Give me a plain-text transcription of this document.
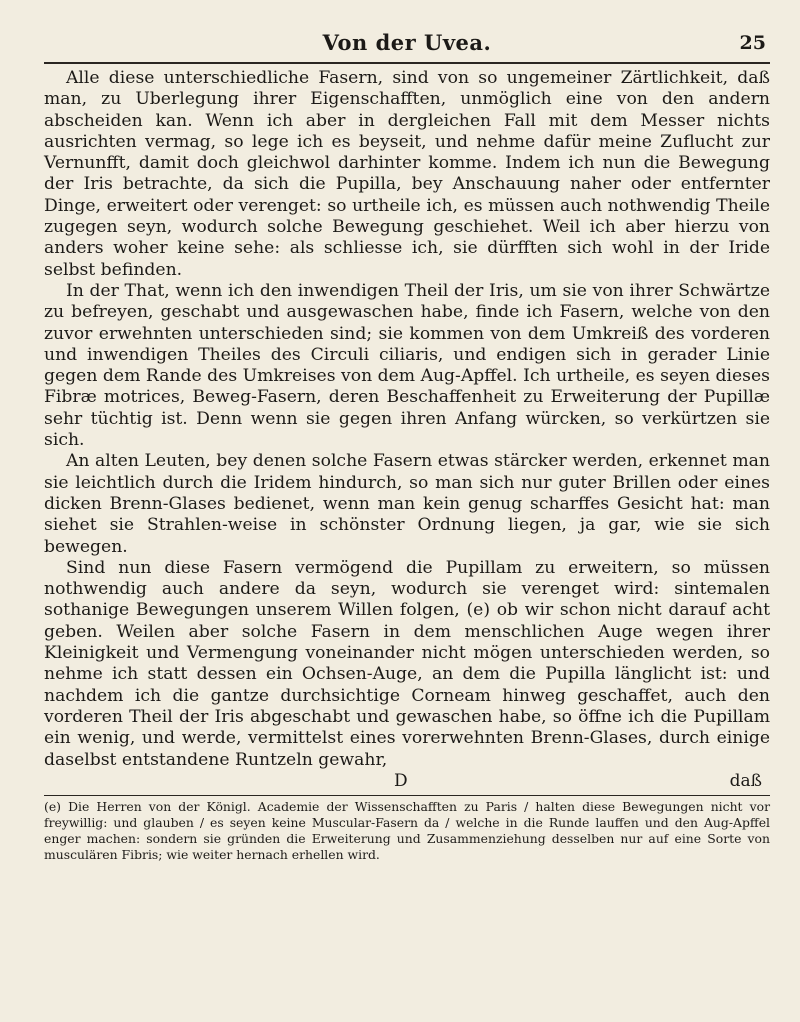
Von der Uvea.	25

Alle diese unterschiedliche Fasern, sind von so ungemeiner Zärtlichkeit, daß man, zu Uberlegung ihrer Eigenschafften, unmöglich eine von den andern abscheiden kan. Wenn ich aber in dergleichen Fall mit dem Messer nichts ausrichten vermag, so lege ich es beyseit, und nehme dafür meine Zuflucht zur Vernunfft, damit doch gleichwol darhinter komme. Indem ich nun die Bewegung der Iris betrachte, da sich die Pupilla, bey Anschauung naher oder entfernter Dinge, erweitert oder verenget: so urtheile ich, es müssen auch nothwendig Theile zugegen seyn, wodurch solche Bewegung geschiehet. Weil ich aber hierzu von anders woher keine sehe: als schliesse ich, sie dürfften sich wohl in der Iride selbst befinden.

In der That, wenn ich den inwendigen Theil der Iris, um sie von ihrer Schwärtze zu befreyen, geschabt und ausgewaschen habe, finde ich Fasern, welche von den zuvor erwehnten unterschieden sind; sie kommen von dem Umkreiß des vorderen und inwendigen Theiles des Circuli ciliaris, und endigen sich in gerader Linie gegen dem Rande des Umkreises von dem Aug-Apffel. Ich urtheile, es seyen dieses Fibræ motrices, Beweg-Fasern, deren Beschaffenheit zu Erweiterung der Pupillæ sehr tüchtig ist. Denn wenn sie gegen ihren Anfang würcken, so verkürtzen sie sich.

An alten Leuten, bey denen solche Fasern etwas stärcker werden, erkennet man sie leichtlich durch die Iridem hindurch, so man sich nur guter Brillen oder eines dicken Brenn-Glases bedienet, wenn man kein genug scharffes Gesicht hat: man siehet sie Strahlen-weise in schönster Ordnung liegen, ja gar, wie sie sich bewegen.

Sind nun diese Fasern vermögend die Pupillam zu erweitern, so müssen nothwendig auch andere da seyn, wodurch sie verenget wird: sintemalen sothanige Bewegungen unserem Willen folgen, (e) ob wir schon nicht darauf acht geben. Weilen aber solche Fasern in dem menschlichen Auge wegen ihrer Kleinigkeit und Vermengung voneinander nicht mögen unterschieden werden, so nehme ich statt dessen ein Ochsen-Auge, an dem die Pupilla länglicht ist: und nachdem ich die gantze durchsichtige Corneam hinweg geschaffet, auch den vorderen Theil der Iris abgeschabt und gewaschen habe, so öffne ich die Pupillam ein wenig, und werde, vermittelst eines vorerwehnten Brenn-Glases, durch einige daselbst entstandene Runtzeln gewahr,

D	daß

(e) Die Herren von der Königl. Academie der Wissenschafften zu Paris / halten diese Bewegungen nicht vor freywillig: und glauben / es seyen keine Muscular-Fasern da / welche in die Runde lauffen und den Aug-Apffel enger machen: sondern sie gründen die Erweiterung und Zusammenziehung desselben nur auf eine Sorte von musculären Fibris; wie weiter hernach erhellen wird.
